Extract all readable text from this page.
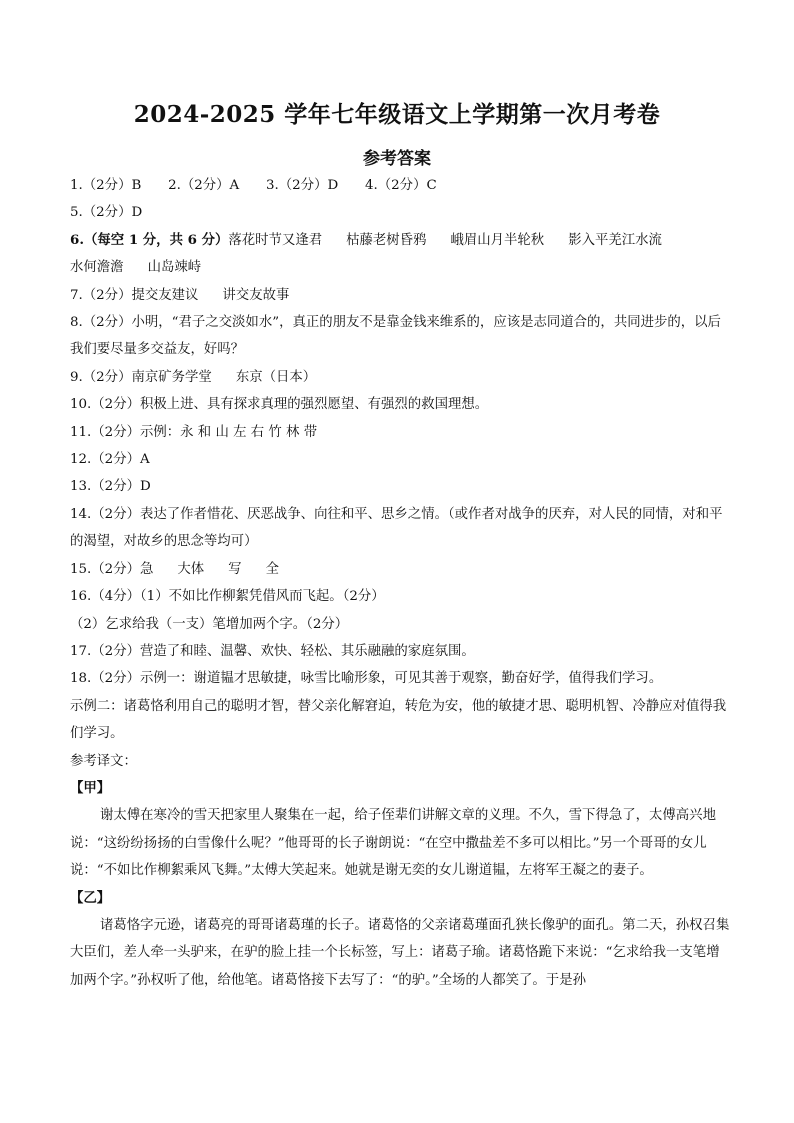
2024-2025 学年七年级语文上学期第一次月考卷
参考答案
1.（2分）B　　2.（2分）A　　3.（2分）D　　4.（2分）C
5.（2分）D
6.（每空 1 分，共 6 分）落花时节又逢君 枯藤老树昏鸦 峨眉山月半轮秋 影入平羌江水流
水何澹澹 山岛竦峙
7.（2分）提交友建议 讲交友故事
8.（2分）小明，“君子之交淡如水”，真正的朋友不是靠金钱来维系的，应该是志同道合的，共同进步的，以后我们要尽量多交益友，好吗？
9.（2分）南京矿务学堂 东京（日本）
10.（2分）积极上进、具有探求真理的强烈愿望、有强烈的救国理想。
11.（2分）示例：永 和 山 左 右 竹 林 带
12.（2分）A
13.（2分）D
14.（2分）表达了作者惜花、厌恶战争、向往和平、思乡之情。（或作者对战争的厌弃，对人民的同情，对和平的渴望，对故乡的思念等均可）
15.（2分）急 大体 写 全
16.（4分）（1）不如比作柳絮凭借风而飞起。（2分）
（2）乞求给我（一支）笔增加两个字。（2分）
17.（2分）营造了和睦、温馨、欢快、轻松、其乐融融的家庭氛围。
18.（2分）示例一：谢道韫才思敏捷，咏雪比喻形象，可见其善于观察，勤奋好学，值得我们学习。
示例二：诸葛恪利用自己的聪明才智，替父亲化解窘迫，转危为安，他的敏捷才思、聪明机智、冷静应对值得我们学习。
参考译文：
【甲】
谢太傅在寒冷的雪天把家里人聚集在一起，给子侄辈们讲解文章的义理。不久，雪下得急了，太傅高兴地说：“这纷纷扬扬的白雪像什么呢？”他哥哥的长子谢朗说：“在空中撒盐差不多可以相比。”另一个哥哥的女儿说：“不如比作柳絮乘风飞舞。”太傅大笑起来。她就是谢无奕的女儿谢道韫，左将军王凝之的妻子。
【乙】
诸葛恪字元逊，诸葛亮的哥哥诸葛瑾的长子。诸葛恪的父亲诸葛瑾面孔狭长像驴的面孔。第二天，孙权召集大臣们，差人牵一头驴来，在驴的脸上挂一个长标签，写上：诸葛子瑜。诸葛恪跪下来说：“乞求给我一支笔增加两个字。”孙权听了他，给他笔。诸葛恪接下去写了：“的驴。”全场的人都笑了。于是孙
